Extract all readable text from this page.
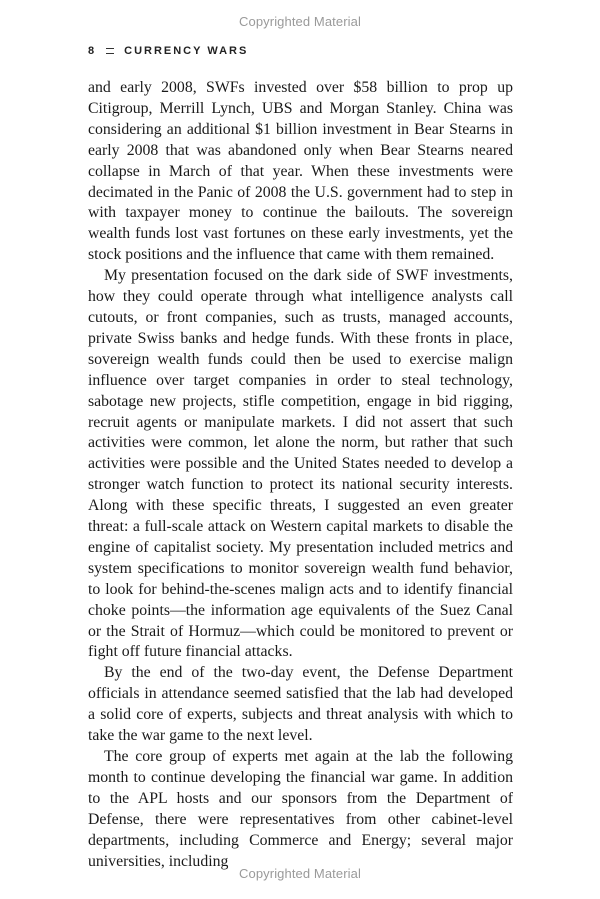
Copyrighted Material
8	CURRENCY WARS

and early 2008, SWFs invested over $58 billion to prop up Citigroup, Merrill Lynch, UBS and Morgan Stanley. China was considering an additional $1 billion investment in Bear Stearns in early 2008 that was abandoned only when Bear Stearns neared collapse in March of that year. When these investments were decimated in the Panic of 2008 the U.S. government had to step in with taxpayer money to continue the bailouts. The sovereign wealth funds lost vast fortunes on these early investments, yet the stock positions and the influence that came with them remained.

My presentation focused on the dark side of SWF investments, how they could operate through what intelligence analysts call cutouts, or front companies, such as trusts, managed accounts, private Swiss banks and hedge funds. With these fronts in place, sovereign wealth funds could then be used to exercise malign influence over target companies in order to steal technology, sabotage new projects, stifle competition, engage in bid rigging, recruit agents or manipulate markets. I did not assert that such activities were common, let alone the norm, but rather that such activities were possible and the United States needed to develop a stronger watch function to protect its national security interests. Along with these specific threats, I suggested an even greater threat: a full-scale attack on Western capital markets to disable the engine of capitalist society. My presentation included metrics and system specifications to monitor sovereign wealth fund behavior, to look for behind-the-scenes malign acts and to identify financial choke points—the information age equivalents of the Suez Canal or the Strait of Hormuz—which could be monitored to prevent or fight off future financial attacks.

By the end of the two-day event, the Defense Department officials in attendance seemed satisfied that the lab had developed a solid core of experts, subjects and threat analysis with which to take the war game to the next level.

The core group of experts met again at the lab the following month to continue developing the financial war game. In addition to the APL hosts and our sponsors from the Department of Defense, there were representatives from other cabinet-level departments, including Commerce and Energy; several major universities, including

Copyrighted Material
